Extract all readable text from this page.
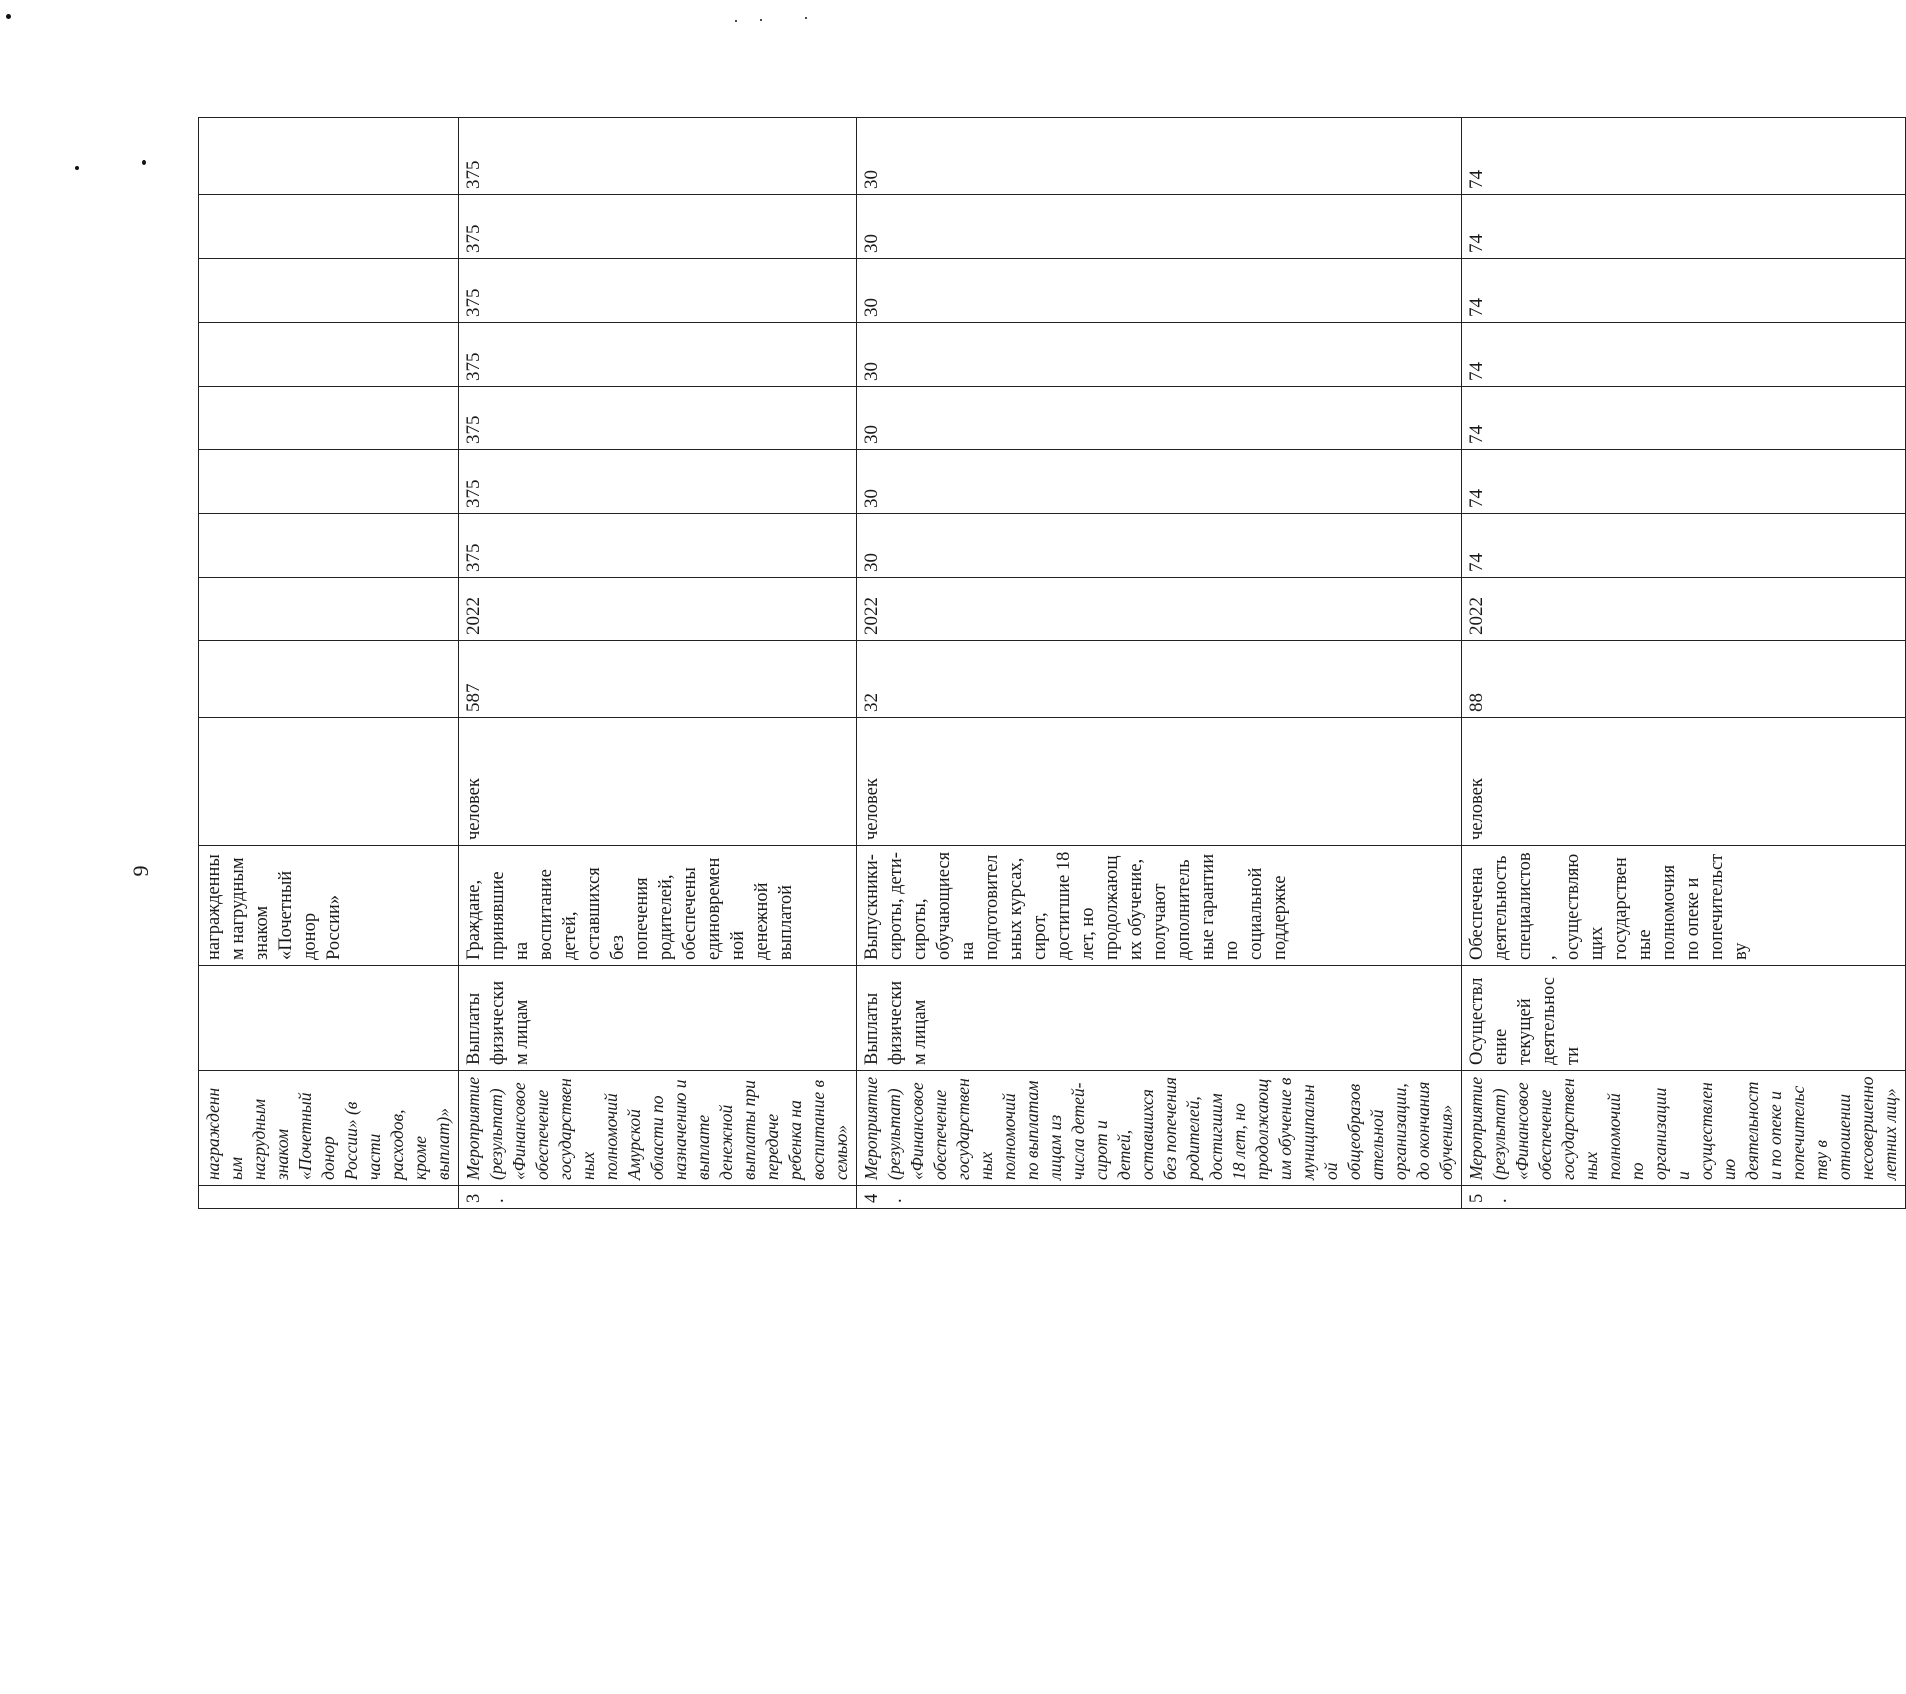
9
	награжденным нагрудным знаком «Почетный донор России» (в части расходов, кроме выплат)»		награжденным нагрудным знаком «Почетный донор России»										
3.	Мероприятие (результат) «Финансовое обеспечение государственных полномочий Амурской области по назначению и выплате денежной выплаты при передаче ребенка на воспитание в семью»	Выплаты физическим лицам	Граждане, принявшие на воспитание детей, оставшихся без попечения родителей, обеспечены единовременной денежной выплатой	человек	587	2022	375	375	375	375	375	375	375
4.	Мероприятие (результат) «Финансовое обеспечение государственных полномочий по выплатам лицам из числа детей-сирот и детей, оставшихся без попечения родителей, достигшим 18 лет, но продолжающим обучение в муниципальной общеобразовательной организации, до окончания обучения»	Выплаты физическим лицам	Выпускники-сироты, дети-сироты, обучающиеся на подготовительных курсах, сирот, достигшие 18 лет, но продолжающих обучение, получают дополнительные гарантии по социальной поддержке	человек	32	2022	30	30	30	30	30	30	30
5.	Мероприятие (результат) «Финансовое обеспечение государственных полномочий по организации и осуществлению деятельности по опеке и попечительству в отношении несовершеннолетних лиц»	Осуществление текущей деятельности	Обеспечена деятельность специалистов, осуществляющих государственные полномочия по опеке и попечительству	человек	88	2022	74	74	74	74	74	74	74
